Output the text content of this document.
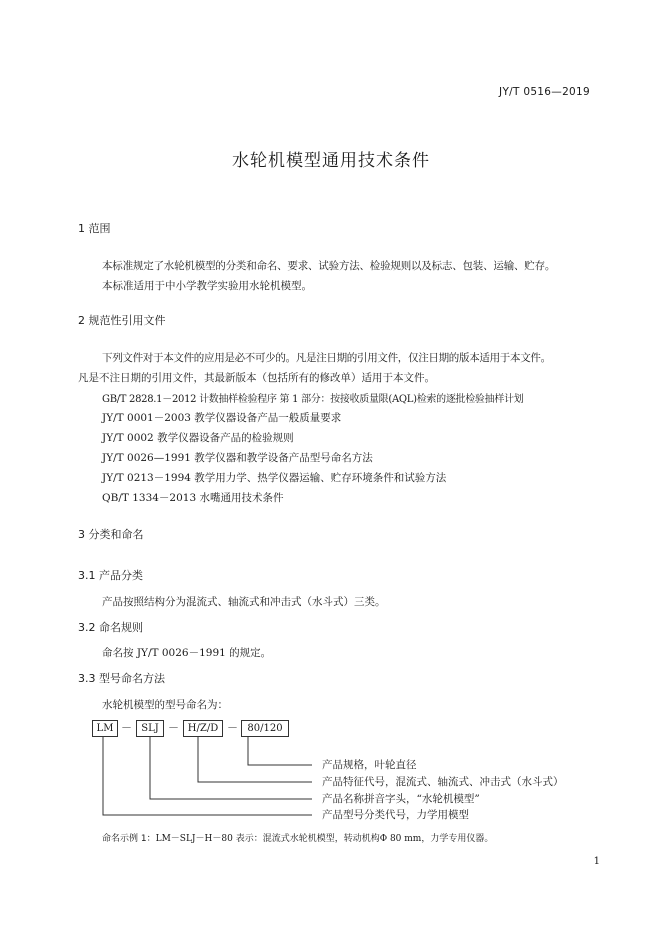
JY/T 0516—2019
水轮机模型通用技术条件
1 范围
本标准规定了水轮机模型的分类和命名、要求、试验方法、检验规则以及标志、包装、运输、贮存。
本标准适用于中小学教学实验用水轮机模型。
2 规范性引用文件
下列文件对于本文件的应用是必不可少的。凡是注日期的引用文件，仅注日期的版本适用于本文件。
凡是不注日期的引用文件，其最新版本（包括所有的修改单）适用于本文件。
GB/T 2828.1－2012 计数抽样检验程序 第 1 部分：按接收质量限(AQL)检索的逐批检验抽样计划
JY/T 0001－2003 教学仪器设备产品一般质量要求
JY/T 0002 教学仪器设备产品的检验规则
JY/T 0026—1991 教学仪器和教学设备产品型号命名方法
JY/T 0213－1994 教学用力学、热学仪器运输、贮存环境条件和试验方法
QB/T 1334－2013 水嘴通用技术条件
3 分类和命名
3.1 产品分类
产品按照结构分为混流式、轴流式和冲击式（水斗式）三类。
3.2 命名规则
命名按 JY/T 0026－1991 的规定。
3.3 型号命名方法
水轮机模型的型号命名为：
LM － SLJ － H/Z/D － 80/120
产品规格，叶轮直径
产品特征代号，混流式、轴流式、冲击式（水斗式）
产品名称拼音字头，“水轮机模型”
产品型号分类代号，力学用模型
命名示例 1：LM－SLJ－H－80 表示：混流式水轮机模型，转动机构Φ 80 mm，力学专用仪器。
1
